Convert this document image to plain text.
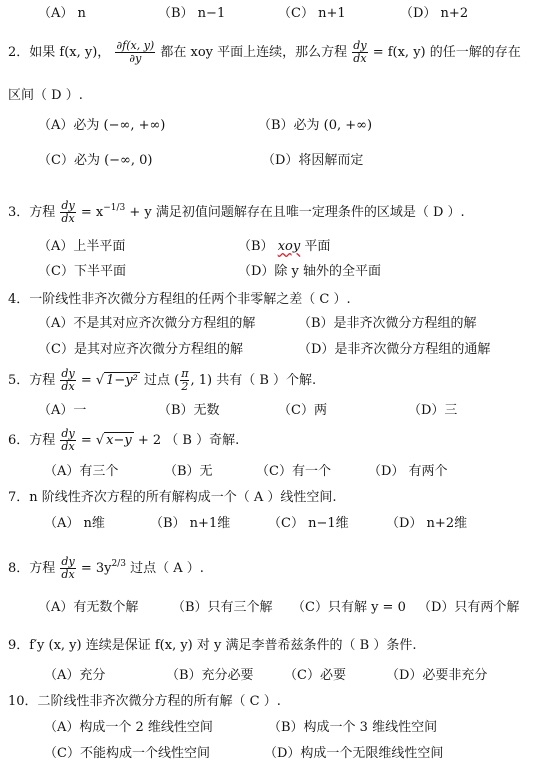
（A） n	（B） n−1	（C） n+1	（D） n+2
2．如果 f(x, y)， $\frac{\partial f(x, y)}{\partial y}$ 都在 xoy 平面上连续，那么方程 $\frac{dy}{dx} = f(x$, y) 的任一解的存在
区间（ D ）.
（A）必为 (−∞, +∞)	（B）必为 (0, +∞)
（C）必为 (−∞, 0)	（D）将因解而定
3．方程 $\frac{dy}{dx} = x^{-1/3} + y$ 满足初值问题解存在且唯一定理条件的区域是（ D ）.
（A）上半平面	（B） xoy 平面
（C）下半平面	（D）除 y 轴外的全平面
4．一阶线性非齐次微分方程组的任两个非零解之差（ C ）.
（A）不是其对应齐次微分方程组的解	（B）是非齐次微分方程组的解
（C）是其对应齐次微分方程组的解	（D）是非齐次微分方程组的通解
5．方程 $\frac{dy}{dx}$ = √ 1−y² 过点 ( $\frac{\pi}{2}$ , 1) 共有（ B ）个解.
（A）一	（B）无数	（C）两	（D）三
6．方程 $\frac{dy}{dx}$ = √ x−y + 2 （ B ）奇解.
（A）有三个	（B）无	（C）有一个	（D） 有两个
7．n 阶线性齐次方程的所有解构成一个（ A ）线性空间.
（A） n维	（B） n+1维	（C） n−1维	（D） n+2维
8．方程 $\frac{dy}{dx} = 3y^{2/3}$ 过点（ A ）.
（A）有无数个解	（B）只有三个解 （C）只有解 y = 0 （D）只有两个解
9．f′y (x, y) 连续是保证 f(x, y) 对 y 满足李普希兹条件的（ B ）条件.
（A）充分	（B）充分必要 （C）必要	（D）必要非充分
10．二阶线性非齐次微分方程的所有解（ C ）.
（A）构成一个 2 维线性空间	（B）构成一个 3 维线性空间
（C）不能构成一个线性空间	（D）构成一个无限维线性空间
